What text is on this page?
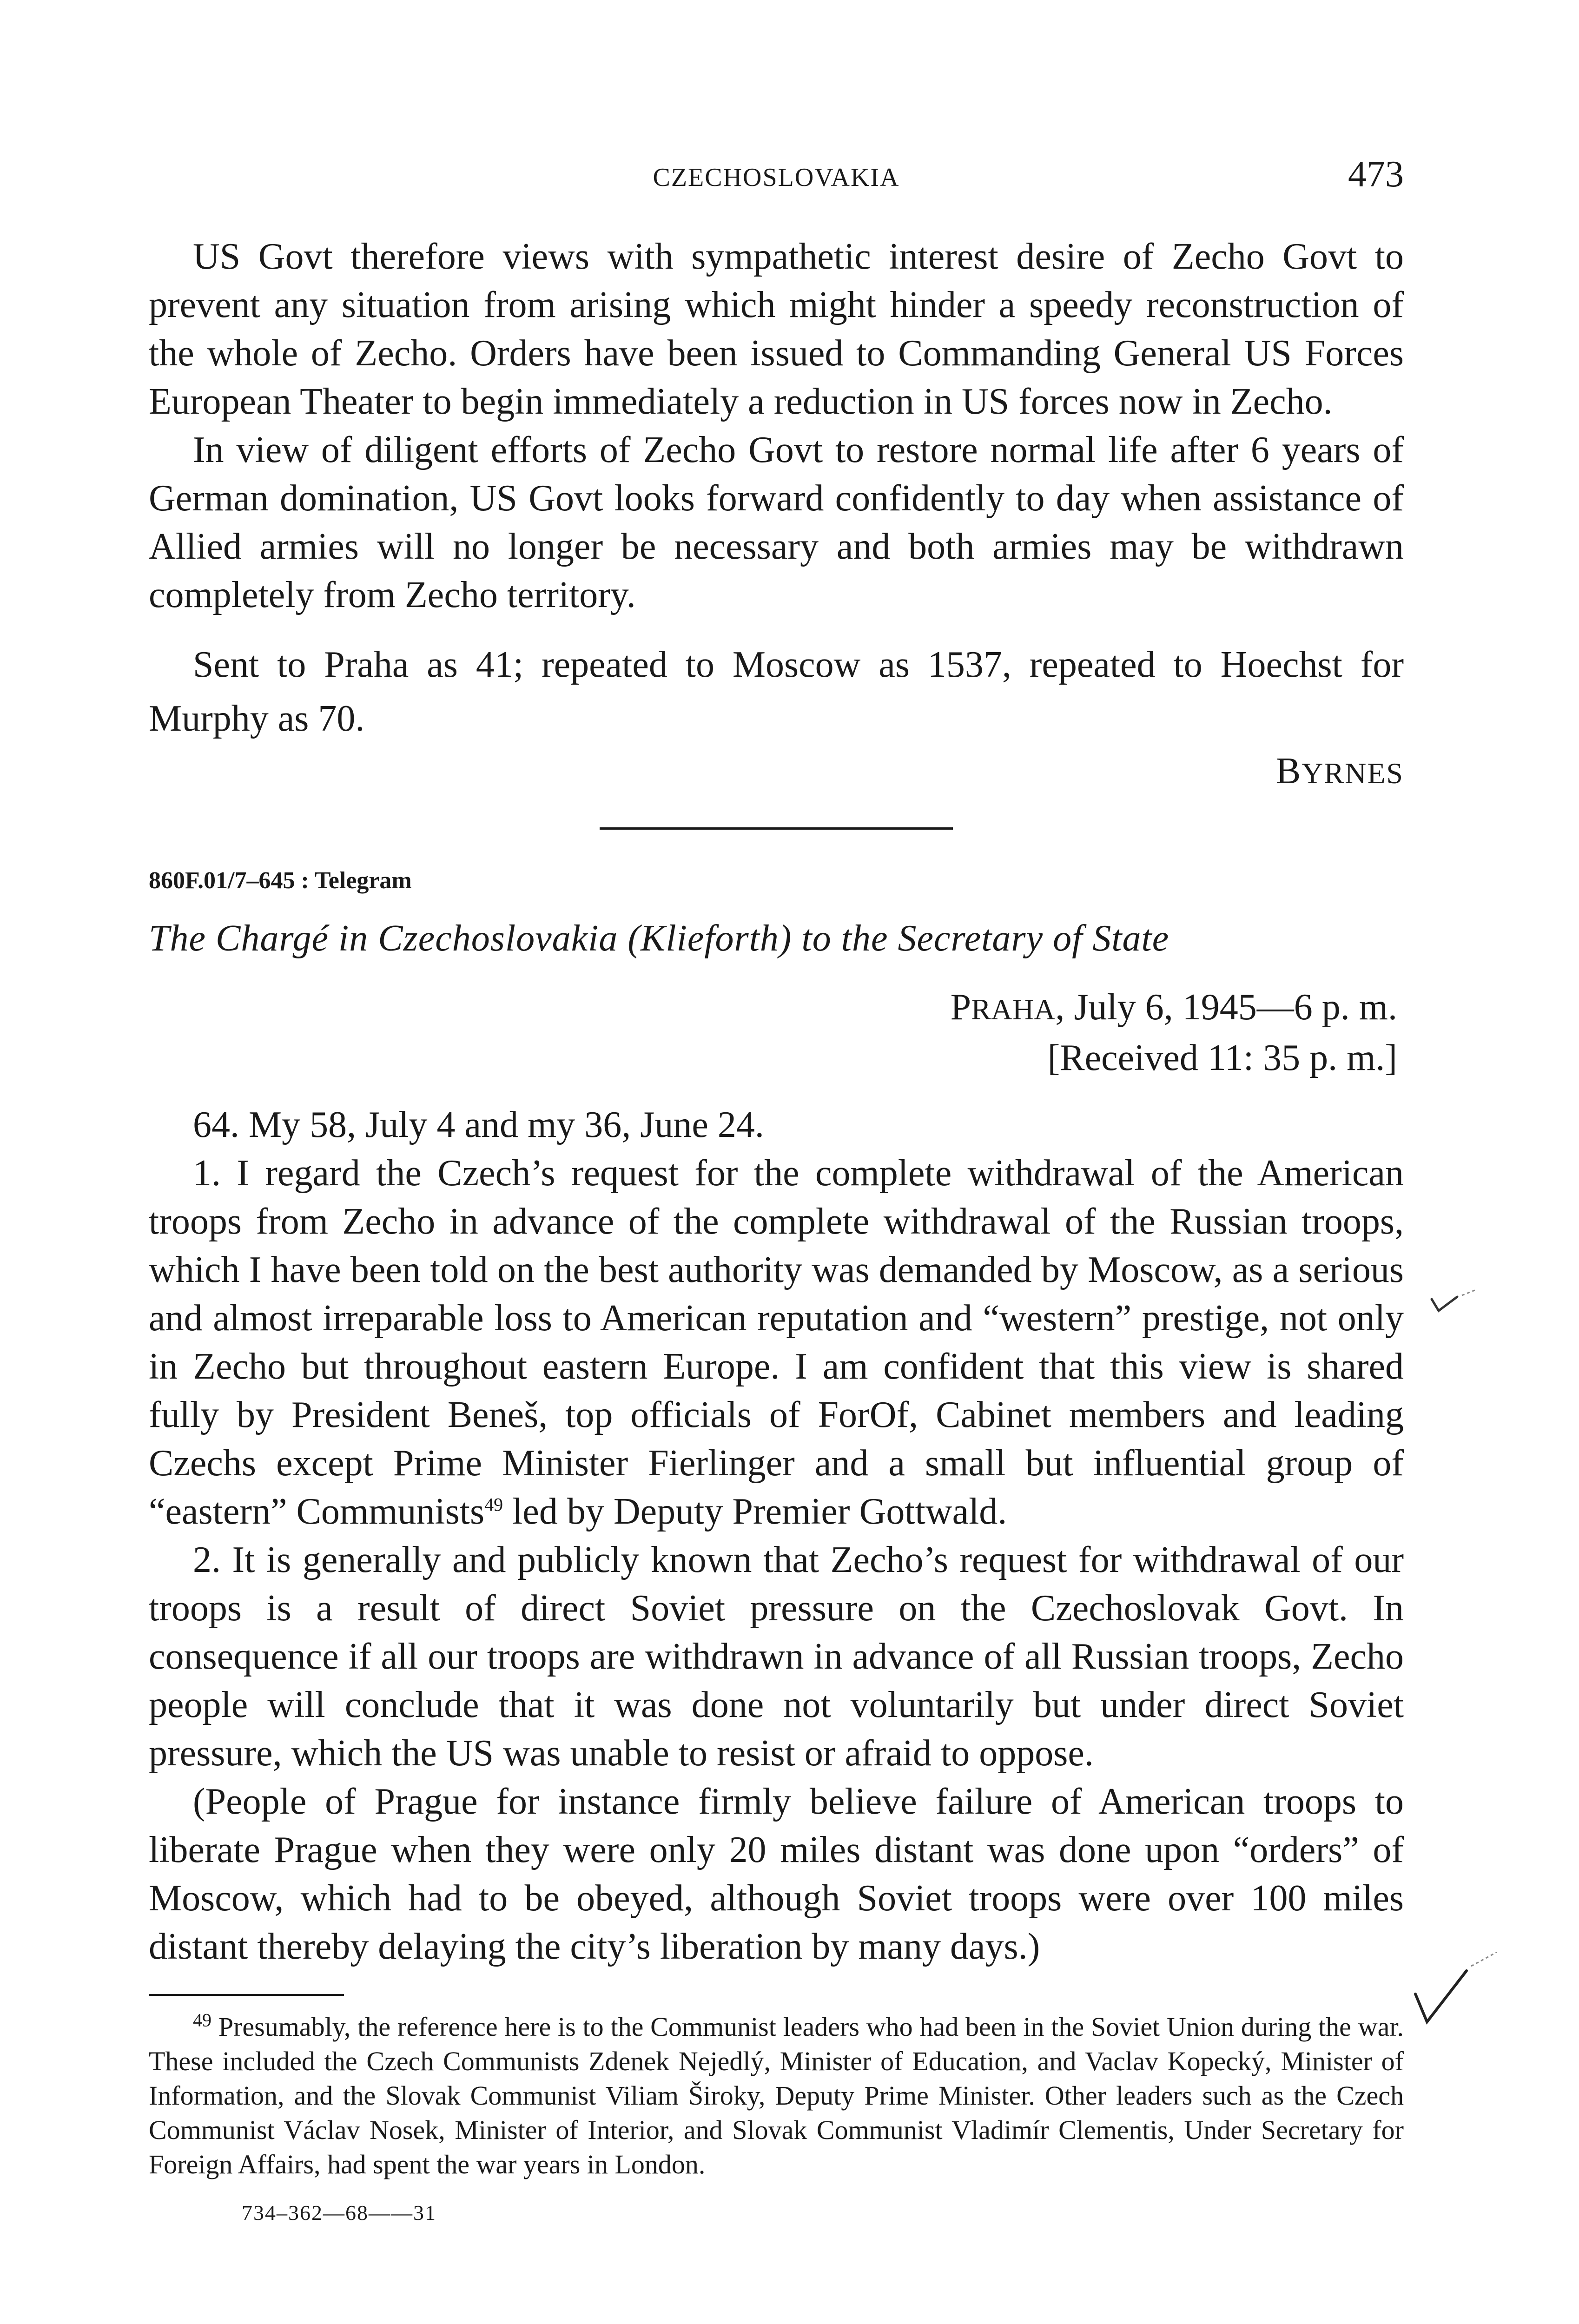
CZECHOSLOVAKIA	473

US Govt therefore views with sympathetic interest desire of Zecho Govt to prevent any situation from arising which might hinder a speedy reconstruction of the whole of Zecho. Orders have been issued to Commanding General US Forces European Theater to begin immediately a reduction in US forces now in Zecho.

In view of diligent efforts of Zecho Govt to restore normal life after 6 years of German domination, US Govt looks forward confidently to day when assistance of Allied armies will no longer be necessary and both armies may be withdrawn completely from Zecho territory.

Sent to Praha as 41; repeated to Moscow as 1537, repeated to Hoechst for Murphy as 70.

BYRNES
860F.01/7–645 : Telegram
The Chargé in Czechoslovakia (Klieforth) to the Secretary of State
PRAHA, July 6, 1945—6 p. m.
[Received 11: 35 p. m.]

64. My 58, July 4 and my 36, June 24.

1. I regard the Czech’s request for the complete withdrawal of the American troops from Zecho in advance of the complete withdrawal of the Russian troops, which I have been told on the best authority was demanded by Moscow, as a serious and almost irreparable loss to American reputation and “western” prestige, not only in Zecho but throughout eastern Europe. I am confident that this view is shared fully by President Beneš, top officials of ForOf, Cabinet members and leading Czechs except Prime Minister Fierlinger and a small but influential group of “eastern” Communists$^{49}$ led by Deputy Premier Gottwald.

2. It is generally and publicly known that Zecho’s request for withdrawal of our troops is a result of direct Soviet pressure on the Czechoslovak Govt. In consequence if all our troops are withdrawn in advance of all Russian troops, Zecho people will conclude that it was done not voluntarily but under direct Soviet pressure, which the US was unable to resist or afraid to oppose.

(People of Prague for instance firmly believe failure of American troops to liberate Prague when they were only 20 miles distant was done upon “orders” of Moscow, which had to be obeyed, although Soviet troops were over 100 miles distant thereby delaying the city’s liberation by many days.)

$^{49}$ Presumably, the reference here is to the Communist leaders who had been in the Soviet Union during the war. These included the Czech Communists Zdenek Nejedlý, Minister of Education, and Vaclav Kopecký, Minister of Information, and the Slovak Communist Viliam Široky, Deputy Prime Minister. Other leaders such as the Czech Communist Václav Nosek, Minister of Interior, and Slovak Communist Vladimír Clementis, Under Secretary for Foreign Affairs, had spent the war years in London.

734–362—68——31
